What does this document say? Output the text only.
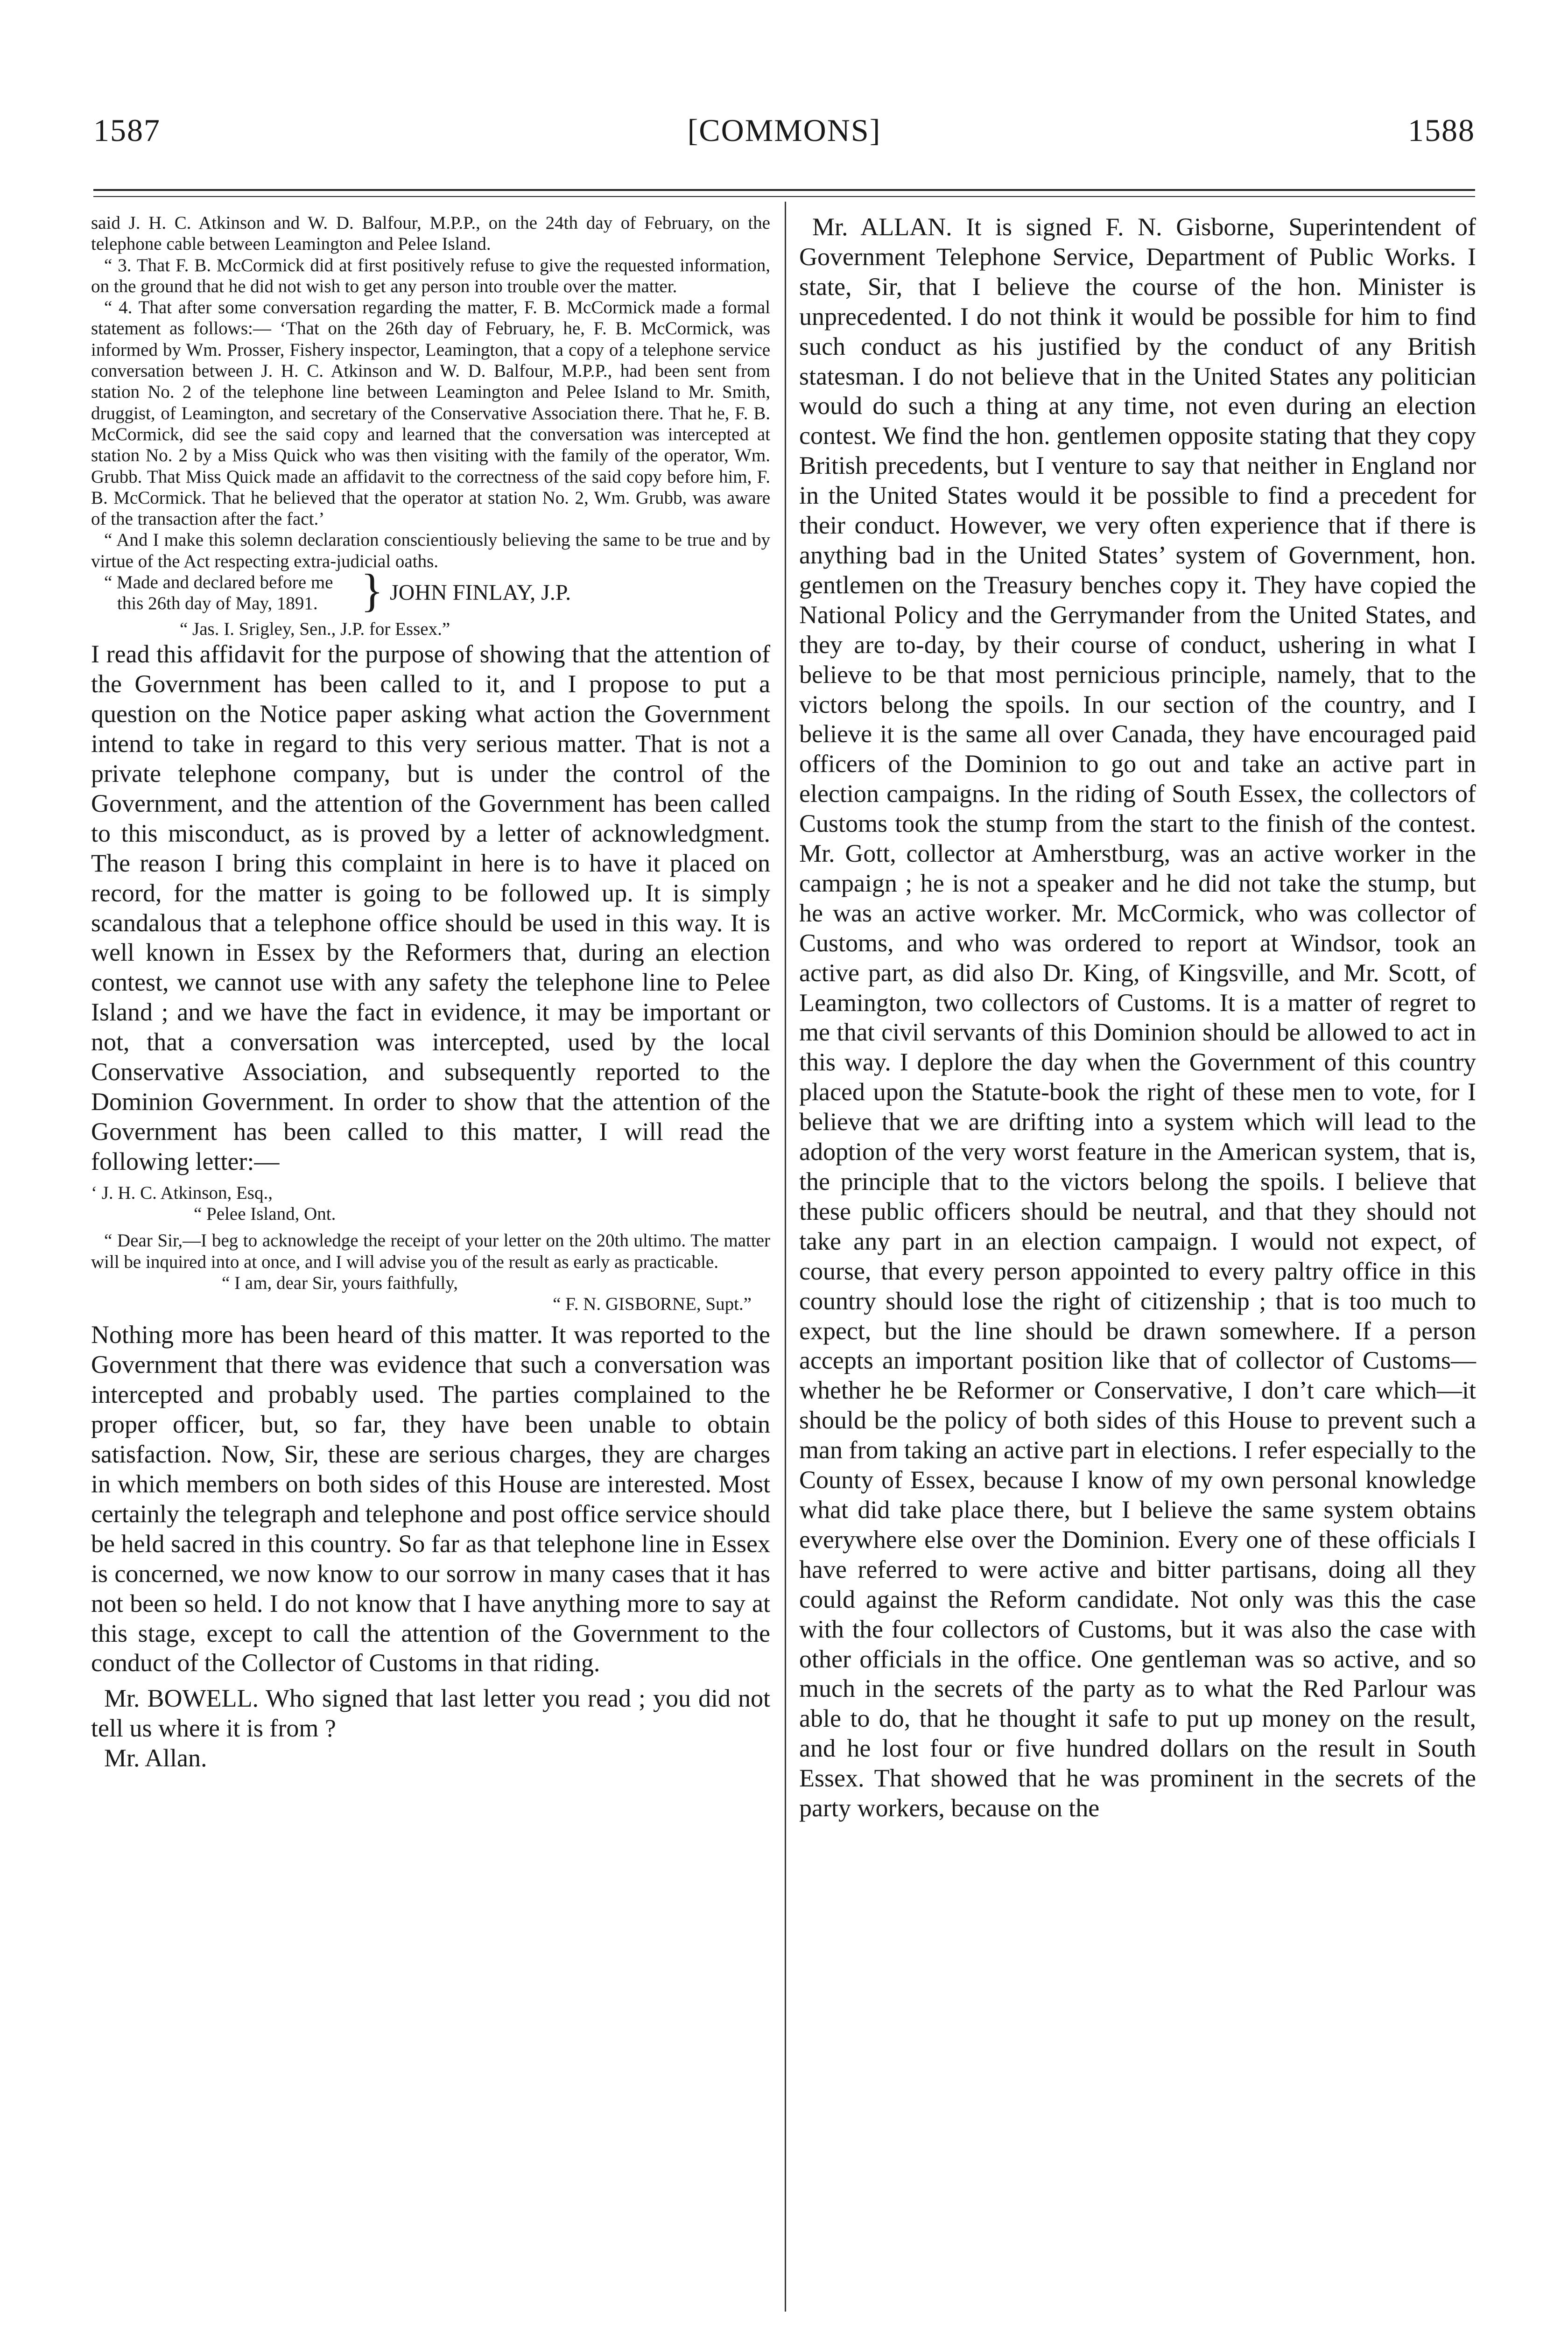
1587	[COMMONS]	1588

said J. H. C. Atkinson and W. D. Balfour, M.P.P., on the 24th day of February, on the telephone cable between Leamington and Pelee Island.

“ 3. That F. B. McCormick did at first positively refuse to give the requested information, on the ground that he did not wish to get any person into trouble over the matter.

“ 4. That after some conversation regarding the matter, F. B. McCormick made a formal statement as follows:— ‘That on the 26th day of February, he, F. B. McCormick, was informed by Wm. Prosser, Fishery inspector, Leamington, that a copy of a telephone service conversation between J. H. C. Atkinson and W. D. Balfour, M.P.P., had been sent from station No. 2 of the telephone line between Leamington and Pelee Island to Mr. Smith, druggist, of Leamington, and secretary of the Conservative Association there. That he, F. B. McCormick, did see the said copy and learned that the conversation was intercepted at station No. 2 by a Miss Quick who was then visiting with the family of the operator, Wm. Grubb. That Miss Quick made an affidavit to the correctness of the said copy before him, F. B. McCormick. That he believed that the operator at station No. 2, Wm. Grubb, was aware of the transaction after the fact.’

“ And I make this solemn declaration conscientiously believing the same to be true and by virtue of the Act respecting extra-judicial oaths.

“ Made and declared before me
this 26th day of May, 1891. } JOHN FINLAY, J.P.

“ Jas. I. Srigley, Sen., J.P. for Essex.”

I read this affidavit for the purpose of showing that the attention of the Government has been called to it, and I propose to put a question on the Notice paper asking what action the Government intend to take in regard to this very serious matter. That is not a private telephone company, but is under the control of the Government, and the attention of the Government has been called to this misconduct, as is proved by a letter of acknowledgment. The reason I bring this complaint in here is to have it placed on record, for the matter is going to be followed up. It is simply scandalous that a telephone office should be used in this way. It is well known in Essex by the Reformers that, during an election contest, we cannot use with any safety the telephone line to Pelee Island ; and we have the fact in evidence, it may be important or not, that a conversation was intercepted, used by the local Conservative Association, and subsequently reported to the Dominion Government. In order to show that the attention of the Government has been called to this matter, I will read the following letter:—

‘ J. H. C. Atkinson, Esq.,

“ Pelee Island, Ont.

“ Dear Sir,—I beg to acknowledge the receipt of your letter on the 20th ultimo. The matter will be inquired into at once, and I will advise you of the result as early as practicable.

“ I am, dear Sir, yours faithfully,

“ F. N. GISBORNE, Supt.”

Nothing more has been heard of this matter. It was reported to the Government that there was evidence that such a conversation was intercepted and probably used. The parties complained to the proper officer, but, so far, they have been unable to obtain satisfaction. Now, Sir, these are serious charges, they are charges in which members on both sides of this House are interested. Most certainly the telegraph and telephone and post office service should be held sacred in this country. So far as that telephone line in Essex is concerned, we now know to our sorrow in many cases that it has not been so held. I do not know that I have anything more to say at this stage, except to call the attention of the Government to the conduct of the Collector of Customs in that riding.

Mr. BOWELL. Who signed that last letter you read ; you did not tell us where it is from ?

Mr. Allan.

Mr. ALLAN. It is signed F. N. Gisborne, Superintendent of Government Telephone Service, Department of Public Works. I state, Sir, that I believe the course of the hon. Minister is unprecedented. I do not think it would be possible for him to find such conduct as his justified by the conduct of any British statesman. I do not believe that in the United States any politician would do such a thing at any time, not even during an election contest. We find the hon. gentlemen opposite stating that they copy British precedents, but I venture to say that neither in England nor in the United States would it be possible to find a precedent for their conduct. However, we very often experience that if there is anything bad in the United States’ system of Government, hon. gentlemen on the Treasury benches copy it. They have copied the National Policy and the Gerrymander from the United States, and they are to-day, by their course of conduct, ushering in what I believe to be that most pernicious principle, namely, that to the victors belong the spoils. In our section of the country, and I believe it is the same all over Canada, they have encouraged paid officers of the Dominion to go out and take an active part in election campaigns. In the riding of South Essex, the collectors of Customs took the stump from the start to the finish of the contest. Mr. Gott, collector at Amherstburg, was an active worker in the campaign ; he is not a speaker and he did not take the stump, but he was an active worker. Mr. McCormick, who was collector of Customs, and who was ordered to report at Windsor, took an active part, as did also Dr. King, of Kingsville, and Mr. Scott, of Leamington, two collectors of Customs. It is a matter of regret to me that civil servants of this Dominion should be allowed to act in this way. I deplore the day when the Government of this country placed upon the Statute-book the right of these men to vote, for I believe that we are drifting into a system which will lead to the adoption of the very worst feature in the American system, that is, the principle that to the victors belong the spoils. I believe that these public officers should be neutral, and that they should not take any part in an election campaign. I would not expect, of course, that every person appointed to every paltry office in this country should lose the right of citizenship ; that is too much to expect, but the line should be drawn somewhere. If a person accepts an important position like that of collector of Customs—whether he be Reformer or Conservative, I don’t care which—it should be the policy of both sides of this House to prevent such a man from taking an active part in elections. I refer especially to the County of Essex, because I know of my own personal knowledge what did take place there, but I believe the same system obtains everywhere else over the Dominion. Every one of these officials I have referred to were active and bitter partisans, doing all they could against the Reform candidate. Not only was this the case with the four collectors of Customs, but it was also the case with other officials in the office. One gentleman was so active, and so much in the secrets of the party as to what the Red Parlour was able to do, that he thought it safe to put up money on the result, and he lost four or five hundred dollars on the result in South Essex. That showed that he was prominent in the secrets of the party workers, because on the
